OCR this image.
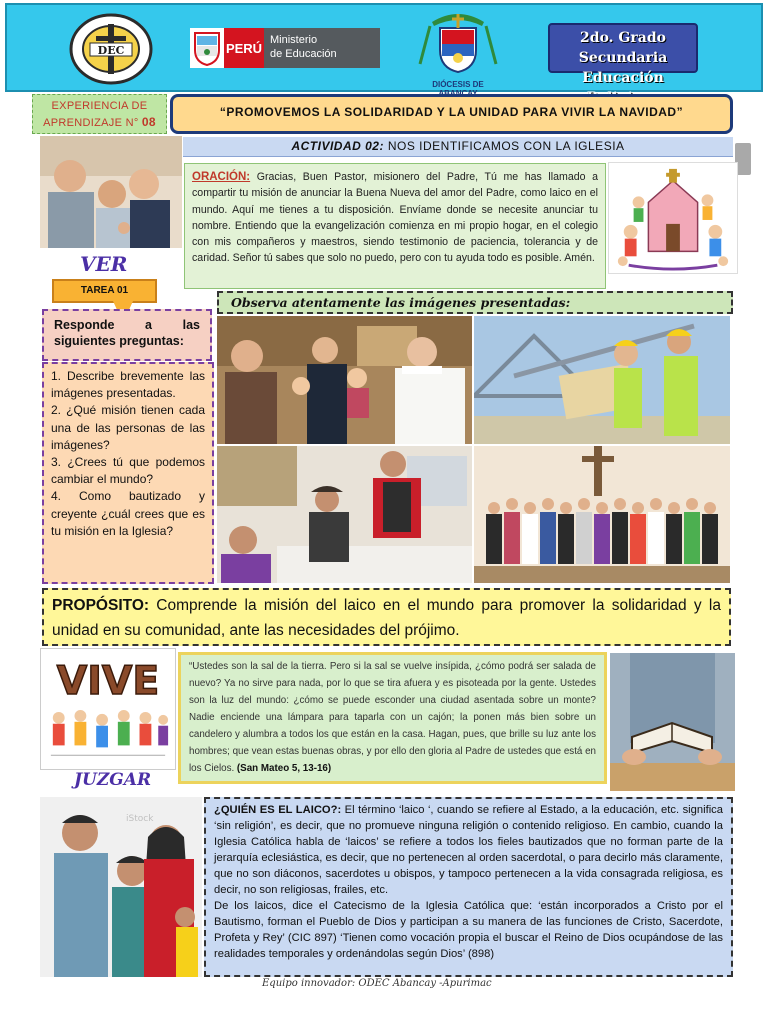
DEC	PERÚ
Ministerio
de Educación
DIÓCESIS DE
2do. Grado Secundaria
Educación
EXPERIENCIA DE APRENDIZAJE N° 08
“PROMOVEMOS LA SOLIDARIDAD Y LA UNIDAD PARA VIVIR LA NAVIDAD”
ACTIVIDAD 02: NOS IDENTIFICAMOS CON LA IGLESIA
ORACIÓN: Gracias, Buen Pastor, misionero del Padre, Tú me has llamado a compartir tu misión de anunciar la Buena Nueva del amor del Padre, como laico en el mundo. Aquí me tienes a tu disposición. Envíame donde se necesite anunciar tu nombre. Entiendo que la evangelización comienza en mi propio hogar, en el colegio con mis compañeros y maestros, siendo testimonio de paciencia, tolerancia y de caridad. Señor tú sabes que solo no puedo, pero con tu ayuda todo es posible. Amén.
VER
TAREA 01
Responde a las siguientes preguntas:
1. Describe brevemente las imágenes presentadas.
2. ¿Qué misión tienen cada una de las personas de las imágenes?
3. ¿Crees tú que podemos cambiar el mundo?
4. Como bautizado y creyente ¿cuál crees que es tu misión en la Iglesia?
Observa atentamente las imágenes presentadas:
PROPÓSITO: Comprende la misión del laico en el mundo para promover la solidaridad y la unidad en su comunidad, ante las necesidades del prójimo.
VIVE
JUZGAR
“Ustedes son la sal de la tierra. Pero si la sal se vuelve insípida, ¿cómo podrá ser salada de nuevo? Ya no sirve para nada, por lo que se tira afuera y es pisoteada por la gente. Ustedes son la luz del mundo: ¿cómo se puede esconder una ciudad asentada sobre un monte? Nadie enciende una lámpara para taparla con un cajón; la ponen más bien sobre un candelero y alumbra a todos los que están en la casa. Hagan, pues, que brille su luz ante los hombres; que vean estas buenas obras, y por ello den gloria al Padre de ustedes que está en los Cielos. (San Mateo 5, 13-16)
iStock
¿QUIÉN ES EL LAICO?: El término ‘laico ‘, cuando se refiere al Estado, a la educación, etc. significa ‘sin religión’, es decir, que no promueve ninguna religión o contenido religioso. En cambio, cuando la Iglesia Católica habla de ‘laicos’ se refiere a todos los fieles bautizados que no forman parte de la jerarquía eclesiástica, es decir, que no pertenecen al orden sacerdotal, o para decirlo más claramente, que no son diáconos, sacerdotes u obispos, y tampoco pertenecen a la vida consagrada religiosa, es decir, no son religiosas, frailes, etc.
De los laicos, dice el Catecismo de la Iglesia Católica que: ‘están incorporados a Cristo por el Bautismo, forman el Pueblo de Dios y participan a su manera de las funciones de Cristo, Sacerdote, Profeta y Rey’ (CIC 897) ‘Tienen como vocación propia el buscar el Reino de Dios ocupándose de las realidades temporales y ordenándolas según Dios’ (898)
Equipo innovador: ODEC Abancay -Apurimac
